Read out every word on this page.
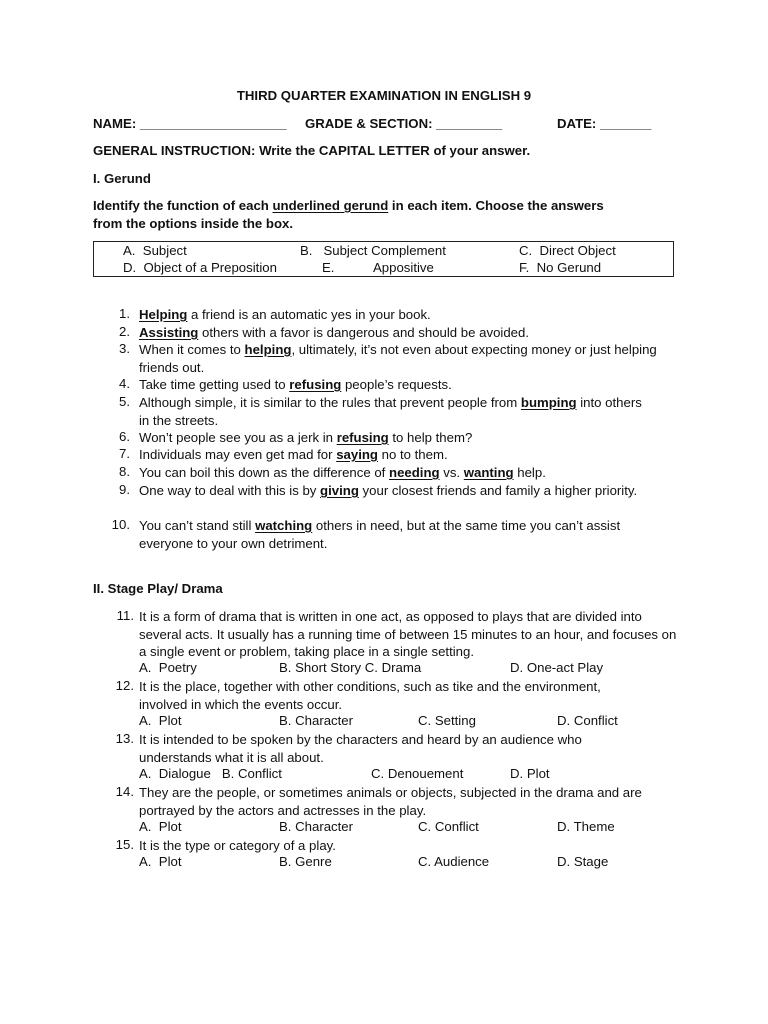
THIRD QUARTER EXAMINATION IN ENGLISH 9
NAME: ____________________ GRADE & SECTION: _________	DATE: _______
GENERAL INSTRUCTION: Write the CAPITAL LETTER of your answer.
I. Gerund
Identify the function of each underlined gerund in each item. Choose the answers
from the options inside the box.
A. Subject	B. Subject Complement	C. Direct Object
D. Object of a Preposition	E.	Appositive	F. No Gerund
1. Helping a friend is an automatic yes in your book.
2. Assisting others with a favor is dangerous and should be avoided.
3. When it comes to helping, ultimately, it’s not even about expecting money or just helping friends out.
4. Take time getting used to refusing people’s requests.
5. Although simple, it is similar to the rules that prevent people from bumping into others in the streets.
6. Won’t people see you as a jerk in refusing to help them?
7. Individuals may even get mad for saying no to them.
8. You can boil this down as the difference of needing vs. wanting help.
9. One way to deal with this is by giving your closest friends and family a higher priority.
10. You can’t stand still watching others in need, but at the same time you can’t assist everyone to your own detriment.
II. Stage Play/ Drama
11. It is a form of drama that is written in one act, as opposed to plays that are divided into several acts. It usually has a running time of between 15 minutes to an hour, and focuses on a single event or problem, taking place in a single setting.
A.  Poetry	B. Short Story C. Drama	D. One-act Play
12. It is the place, together with other conditions, such as tike and the environment, involved in which the events occur.
A.  Plot	B. Character	C. Setting	D. Conflict
13. It is intended to be spoken by the characters and heard by an audience who understands what it is all about.
A.  Dialogue   B. Conflict	C. Denouement	D. Plot
14. They are the people, or sometimes animals or objects, subjected in the drama and are portrayed by the actors and actresses in the play.
A.  Plot	B. Character	C. Conflict	D. Theme
15. It is the type or category of a play.
A.  Plot	B. Genre	C. Audience	D. Stage
